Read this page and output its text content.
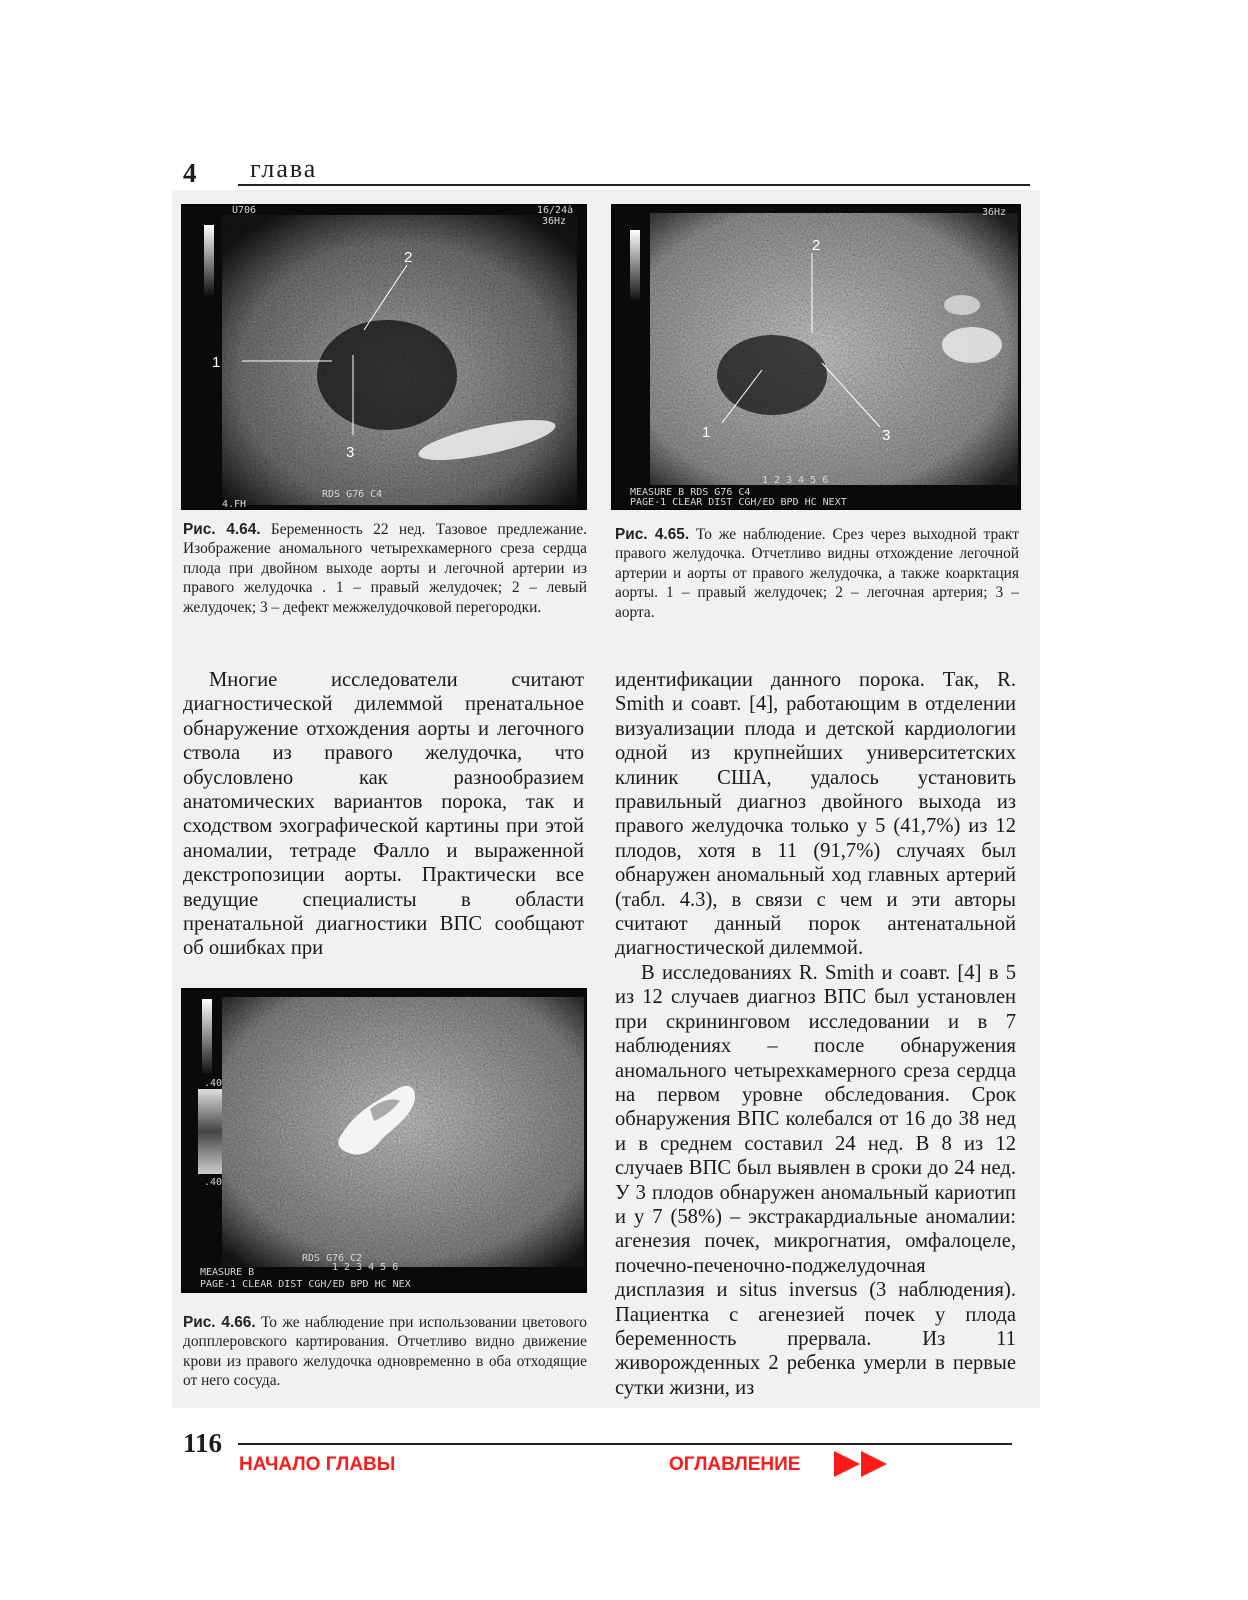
4 глава
U706	16/24à
36Hz
RDS G76 C4
4.FH
1
2
3
Рис. 4.64. Беременность 22 нед. Тазовое предлежание. Изображение аномального четырехкамерного среза сердца плода при двойном выходе аорты и легочной артерии из правого желудочка . 1 – правый желудочек; 2 – левый желудочек; 3 – дефект межжелудочковой перегородки.
36Hz
2
1	3
1 2 3 4 5 6
MEASURE B RDS G76 C4
PAGE-1 CLEAR DIST CGH/ED BPD HC NEXT
Рис. 4.65. То же наблюдение. Срез через выходной тракт правого желудочка. Отчетливо видны отхождение легочной артерии и аорты от правого желудочка, а также коарктация аорты. 1 – правый желудочек; 2 – легочная артерия; 3 – аорта.

Многие исследователи считают диагностической дилеммой пренатальное обнаружение отхождения аорты и легочного ствола из правого желудочка, что обусловлено как разнообразием анатомических вариантов порока, так и сходством эхографической картины при этой аномалии, тетраде Фалло и выраженной декстропозиции аорты. Практически все ведущие специалисты в области пренатальной диагностики ВПС сообщают об ошибках при

идентификации данного порока. Так, R. Smith и соавт. [4], работающим в отделении визуализации плода и детской кардиологии одной из крупнейших университетских клиник США, удалось установить правильный диагноз двойного выхода из правого желудочка только у 5 (41,7%) из 12 плодов, хотя в 11 (91,7%) случаях был обнаружен аномальный ход главных артерий (табл. 4.3), в связи с чем и эти авторы считают данный порок антенатальной диагностической дилеммой.

В исследованиях R. Smith и соавт. [4] в 5 из 12 случаев диагноз ВПС был установлен при скрининговом исследовании и в 7 наблюдениях – после обнаружения аномального четырехкамерного среза сердца на первом уровне обследования. Срок обнаружения ВПС колебался от 16 до 38 нед и в среднем составил 24 нед. В 8 из 12 случаев ВПС был выявлен в сроки до 24 нед. У 3 плодов обнаружен аномальный кариотип и у 7 (58%) – экстракардиальные аномалии: агенезия почек, микрогнатия, омфалоцеле, почечно-печеночно-поджелудочная дисплазия и situs inversus (3 наблюдения). Пациентка с агенезией почек у плода беременность прервала. Из 11 живорожденных 2 ребенка умерли в первые сутки жизни, из

.40
.40
RDS G76 C2
1 2 3 4 5 6
MEASURE B
PAGE-1 CLEAR DIST CGH/ED BPD HC NEX
Рис. 4.66. То же наблюдение при использовании цветового допплеровского картирования. Отчетливо видно движение крови из правого желудочка одновременно в оба отходящие от него сосуда.
116
НАЧАЛО ГЛАВЫ	ОГЛАВЛЕНИЕ
